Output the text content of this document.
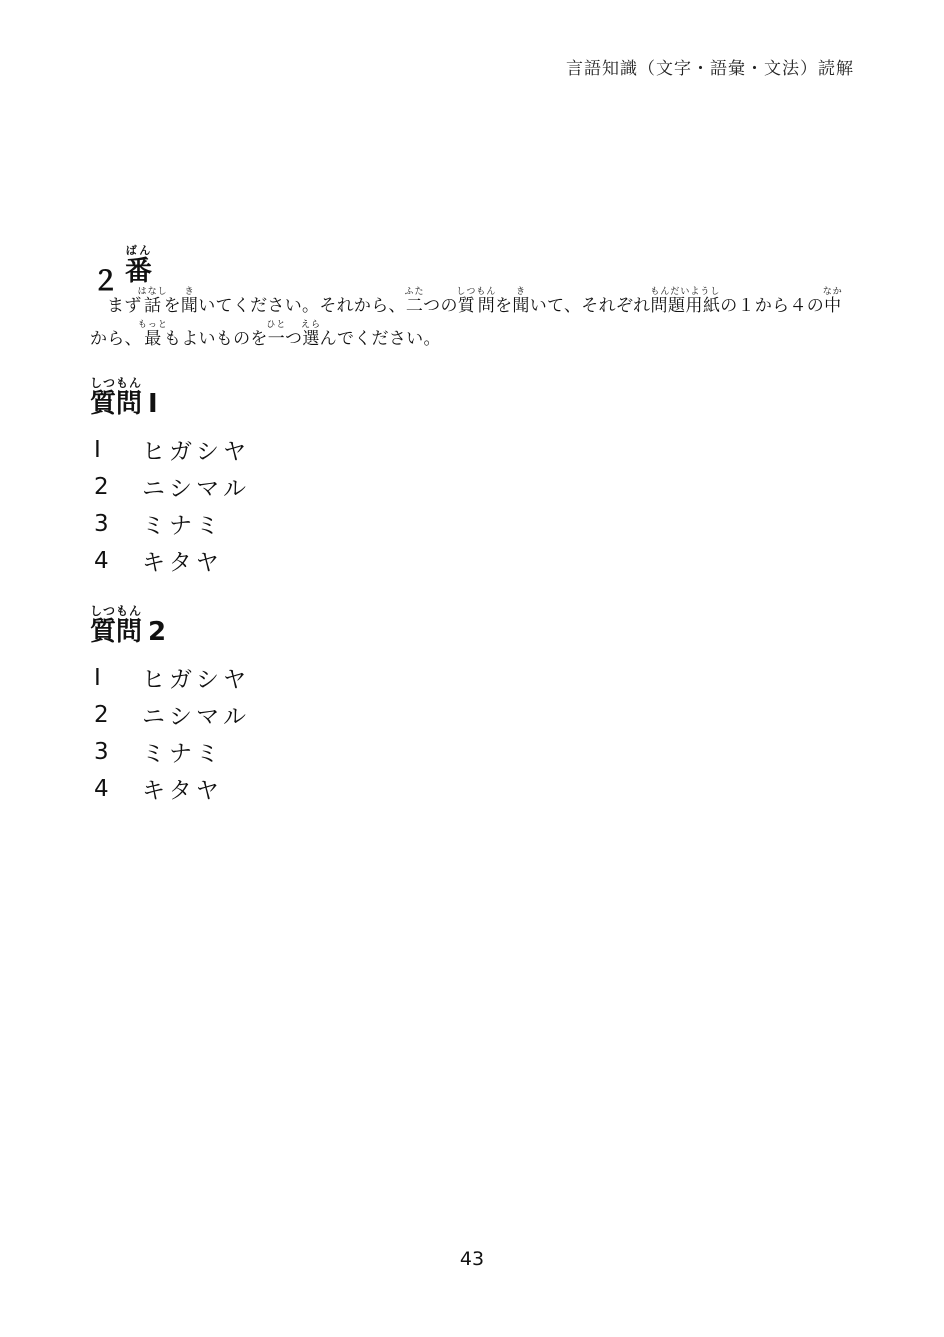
言語知識（文字・語彙・文法）読解
２ 番ばん
まず話はなしを聞きいてください。それから、二ふたつの質問しつもんを聞きいて、それぞれ問題用紙もんだいようしの１から４の中なか
から、最もっともよいものを一ひとつ選えらんでください。
質問しつもんI
I	ヒガシヤ
2	ニシマル
3	ミナミ
4	キタヤ
質問しつもん2
I	ヒガシヤ
2	ニシマル
3	ミナミ
4	キタヤ
43
